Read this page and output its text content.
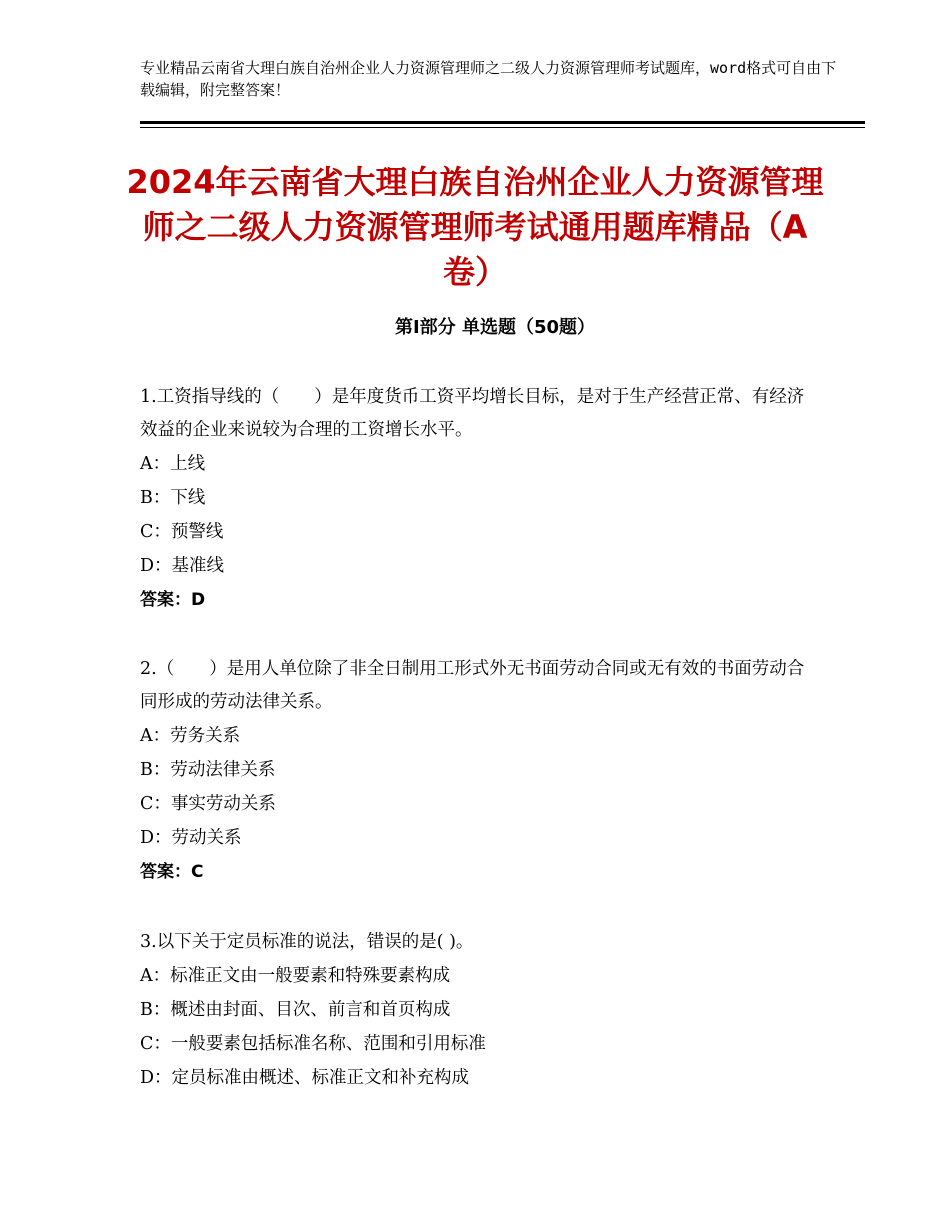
专业精品云南省大理白族自治州企业人力资源管理师之二级人力资源管理师考试题库，word格式可自由下载编辑，附完整答案！
2024年云南省大理白族自治州企业人力资源管理师之二级人力资源管理师考试通用题库精品（A卷）
第Ⅰ部分 单选题（50题）
1.工资指导线的（　　）是年度货币工资平均增长目标，是对于生产经营正常、有经济效益的企业来说较为合理的工资增长水平。
A：上线
B：下线
C：预警线
D：基准线
答案：D
2.（　　）是用人单位除了非全日制用工形式外无书面劳动合同或无有效的书面劳动合同形成的劳动法律关系。
A：劳务关系
B：劳动法律关系
C：事实劳动关系
D：劳动关系
答案：C
3.以下关于定员标准的说法，错误的是( )。
A：标准正文由一般要素和特殊要素构成
B：概述由封面、目次、前言和首页构成
C：一般要素包括标准名称、范围和引用标准
D：定员标准由概述、标准正文和补充构成
